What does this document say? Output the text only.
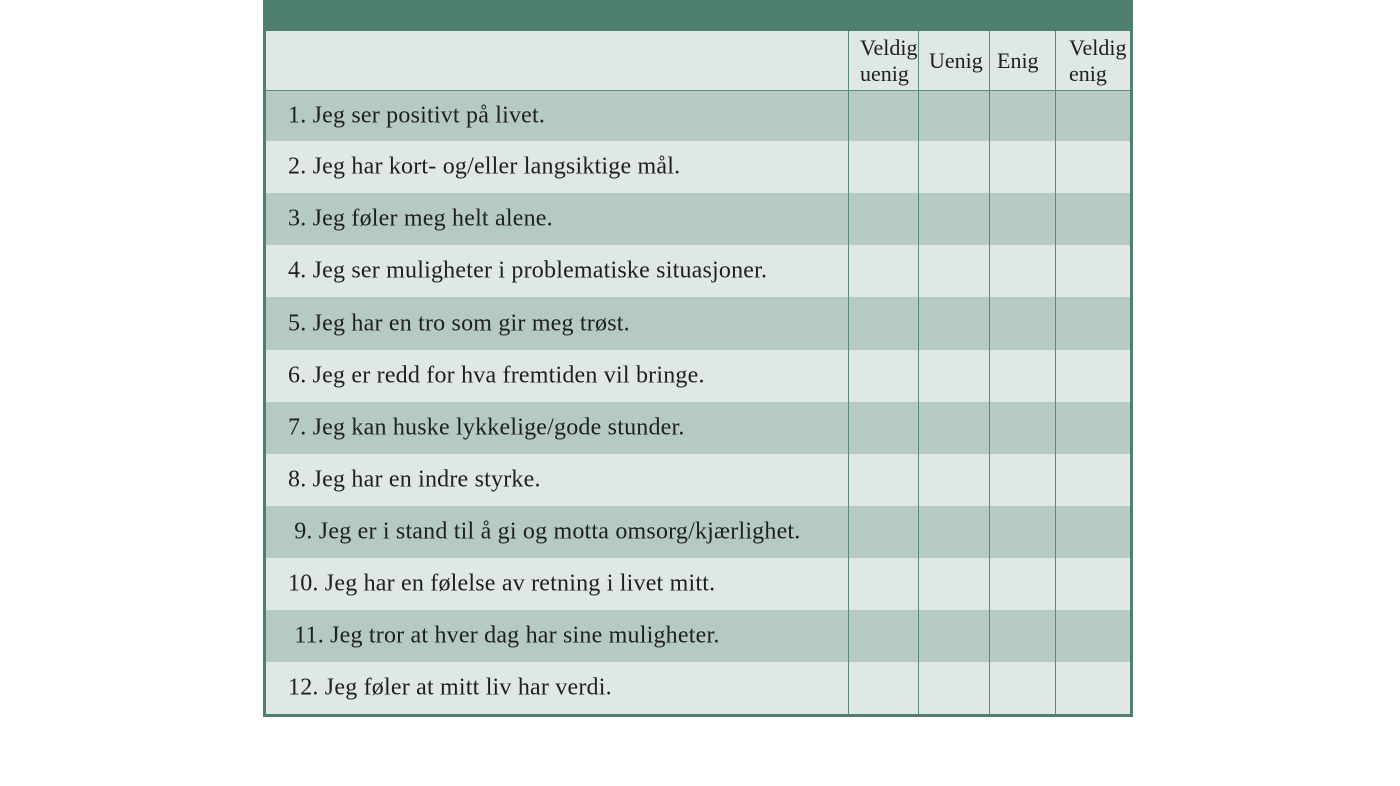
Veldig
uenig
Uenig Enig
Veldig
enig
1. Jeg ser positivt på livet.
2. Jeg har kort- og/eller langsiktige mål.
3. Jeg føler meg helt alene.
4. Jeg ser muligheter i problematiske situasjoner.
5. Jeg har en tro som gir meg trøst.
6. Jeg er redd for hva fremtiden vil bringe.
7. Jeg kan huske lykkelige/gode stunder.
8. Jeg har en indre styrke.
9. Jeg er i stand til å gi og motta omsorg/kjærlighet.
10. Jeg har en følelse av retning i livet mitt.
11. Jeg tror at hver dag har sine muligheter.
12. Jeg føler at mitt liv har verdi.
